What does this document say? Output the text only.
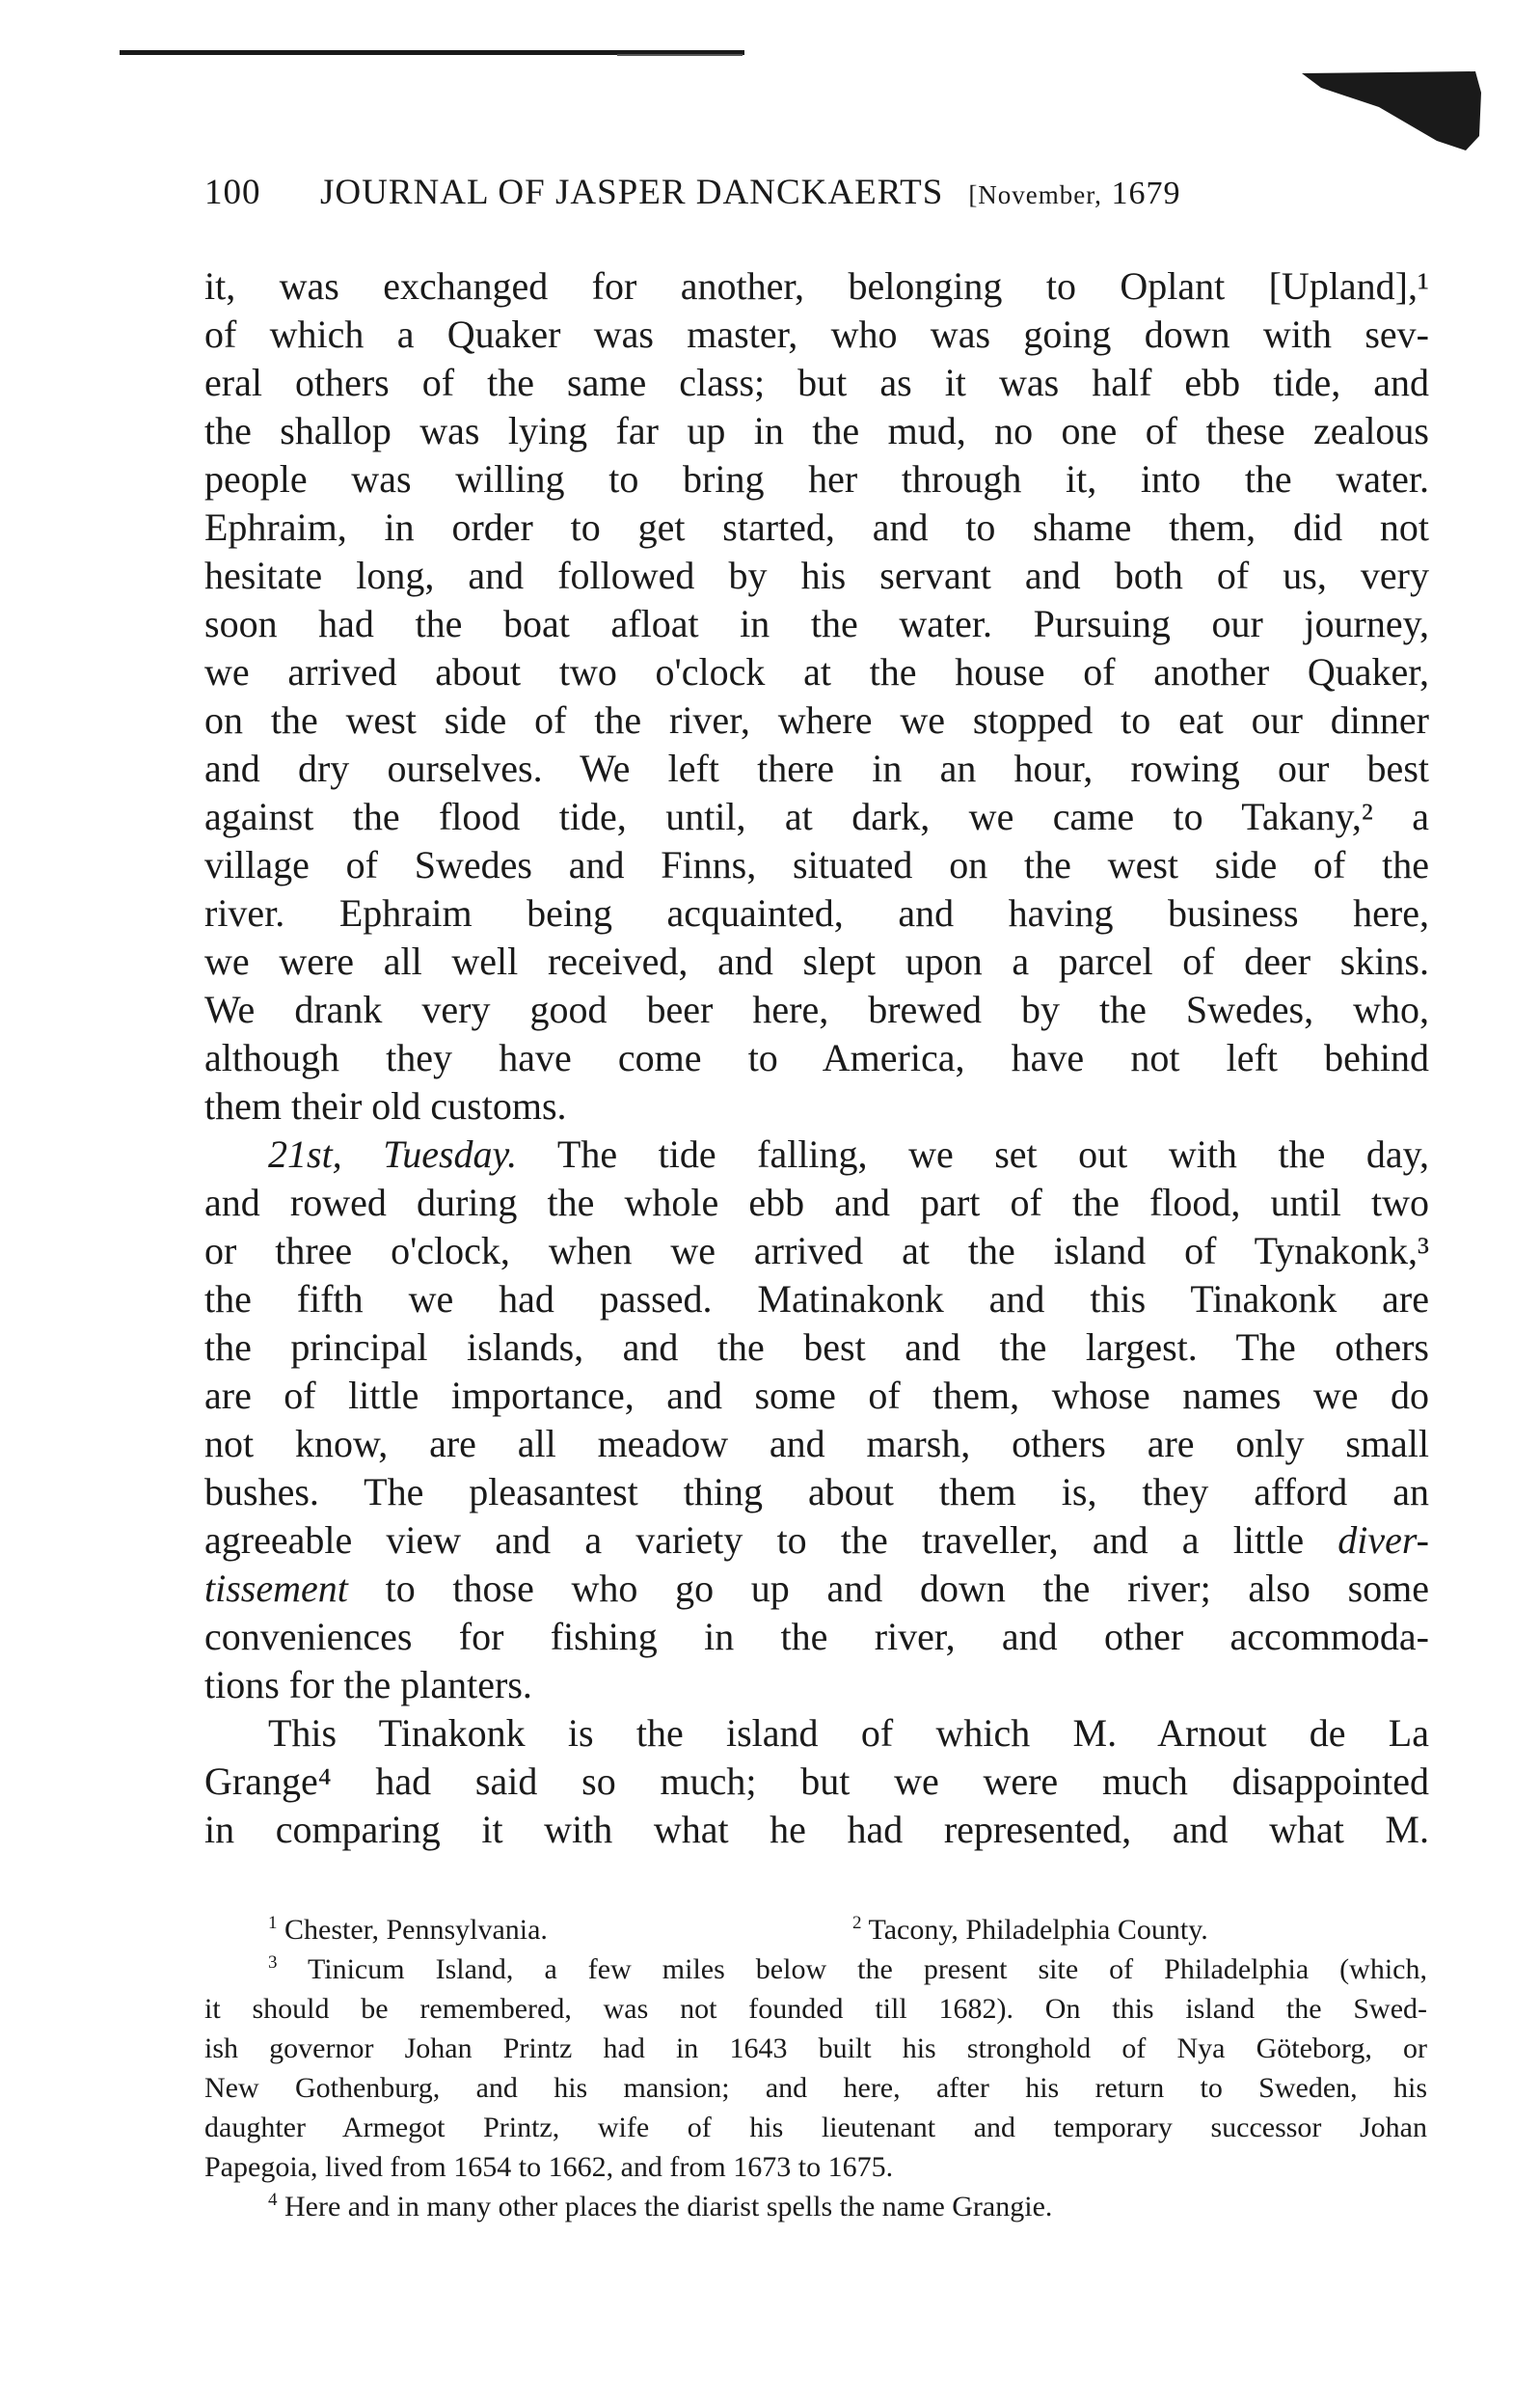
100 JOURNAL OF JASPER DANCKAERTS [November, 1679
it, was exchanged for another, belonging to Oplant [Upland],¹
of which a Quaker was master, who was going down with sev-
eral others of the same class; but as it was half ebb tide, and
the shallop was lying far up in the mud, no one of these zealous
people was willing to bring her through it, into the water.
Ephraim, in order to get started, and to shame them, did not
hesitate long, and followed by his servant and both of us, very
soon had the boat afloat in the water. Pursuing our journey,
we arrived about two o'clock at the house of another Quaker,
on the west side of the river, where we stopped to eat our dinner
and dry ourselves. We left there in an hour, rowing our best
against the flood tide, until, at dark, we came to Takany,² a
village of Swedes and Finns, situated on the west side of the
river. Ephraim being acquainted, and having business here,
we were all well received, and slept upon a parcel of deer skins.
We drank very good beer here, brewed by the Swedes, who,
although they have come to America, have not left behind
them their old customs.
21st, Tuesday. The tide falling, we set out with the day,
and rowed during the whole ebb and part of the flood, until two
or three o'clock, when we arrived at the island of Tynakonk,³
the fifth we had passed. Matinakonk and this Tinakonk are
the principal islands, and the best and the largest. The others
are of little importance, and some of them, whose names we do
not know, are all meadow and marsh, others are only small
bushes. The pleasantest thing about them is, they afford an
agreeable view and a variety to the traveller, and a little diver-
tissement to those who go up and down the river; also some
conveniences for fishing in the river, and other accommoda-
tions for the planters.
This Tinakonk is the island of which M. Arnout de La
Grange⁴ had said so much; but we were much disappointed
in comparing it with what he had represented, and what M.
$^1$ Chester, Pennsylvania.	$^2$ Tacony, Philadelphia County.
$^3$ Tinicum Island, a few miles below the present site of Philadelphia (which,
it should be remembered, was not founded till 1682). On this island the Swed-
ish governor Johan Printz had in 1643 built his stronghold of Nya Göteborg, or
New Gothenburg, and his mansion; and here, after his return to Sweden, his
daughter Armegot Printz, wife of his lieutenant and temporary successor Johan
Papegoia, lived from 1654 to 1662, and from 1673 to 1675.
$^4$ Here and in many other places the diarist spells the name Grangie.
